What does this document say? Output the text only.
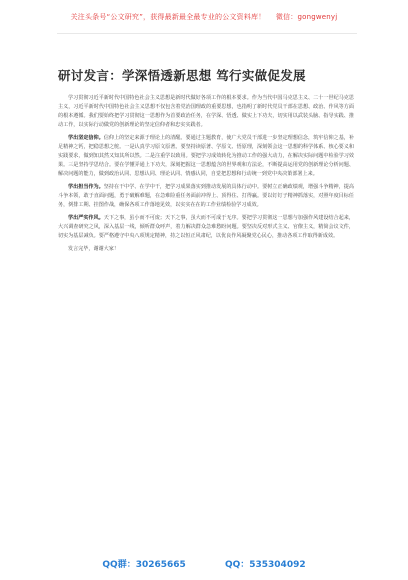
关注头条号“公文研究”，获得最新最全最专业的公文资料库！ 微信：gongwenyj
研讨发言：学深悟透新思想 笃行实做促发展

学习贯彻习近平新时代中国特色社会主义思想是新时代做好各项工作的根本要求。作为当代中国马克思主义、二十一世纪马克思主义，习近平新时代中国特色社会主义思想不仅包含着党治国理政的重要思想，也指明了新时代党员干部在思想、政治、作风等方面的根本遵循。我们要始终把学习贯彻这一思想作为首要政治任务，在学深、悟透、做实上下功夫，切实用以武装头脑、指导实践、推动工作，以实际行动做党的创新理论的坚定信仰者和忠实实践者。

学出坚定信仰。信仰上的坚定来源于理论上的清醒。要通过主题教育，使广大党员干部进一步坚定理想信念，筑牢信仰之基，补足精神之钙，把稳思想之舵。一是认真学习原文原著。要坚持读原著、学原文、悟原理，深刻领会这一思想的科学体系、核心要义和实践要求，做到知其然又知其所以然。二是注重学以致用。要把学习成效转化为推动工作的强大动力，在解决实际问题中检验学习效果。三是坚持学思结合。要在学懂弄通上下功夫，深刻把握这一思想蕴含的世界观和方法论，不断提高运用党的创新理论分析问题、解决问题的能力，做到政治认同、思想认同、理论认同、情感认同，自觉把思想和行动统一到党中央决策部署上来。

学出担当作为。坚持在干中学、在学中干，把学习成果落实到推动发展的具体行动中。要树立正确政绩观，增强斗争精神，提高斗争本领，敢于直面问题，勇于破解难题，在急难险重任务面前冲得上、顶得住、打得赢。要以钉钉子精神抓落实，对照年度目标任务，倒排工期、挂图作战，确保各项工作落地见效，以实实在在的工作业绩检验学习成效。

学出严实作风。天下之事，虽小而不可废；天下之事，虽大而不可成于无序。要把学习贯彻这一思想与加强作风建设结合起来，大兴调查研究之风，深入基层一线，倾听群众呼声，着力解决群众急难愁盼问题。要坚决反对形式主义、官僚主义，精简会议文件，切实为基层减负。要严格遵守中央八项规定精神，持之以恒正风肃纪，以优良作风凝聚党心民心，推动各项工作取得新成效。

发言完毕，谢谢大家！

QQ群：30265665	QQ：535304092
